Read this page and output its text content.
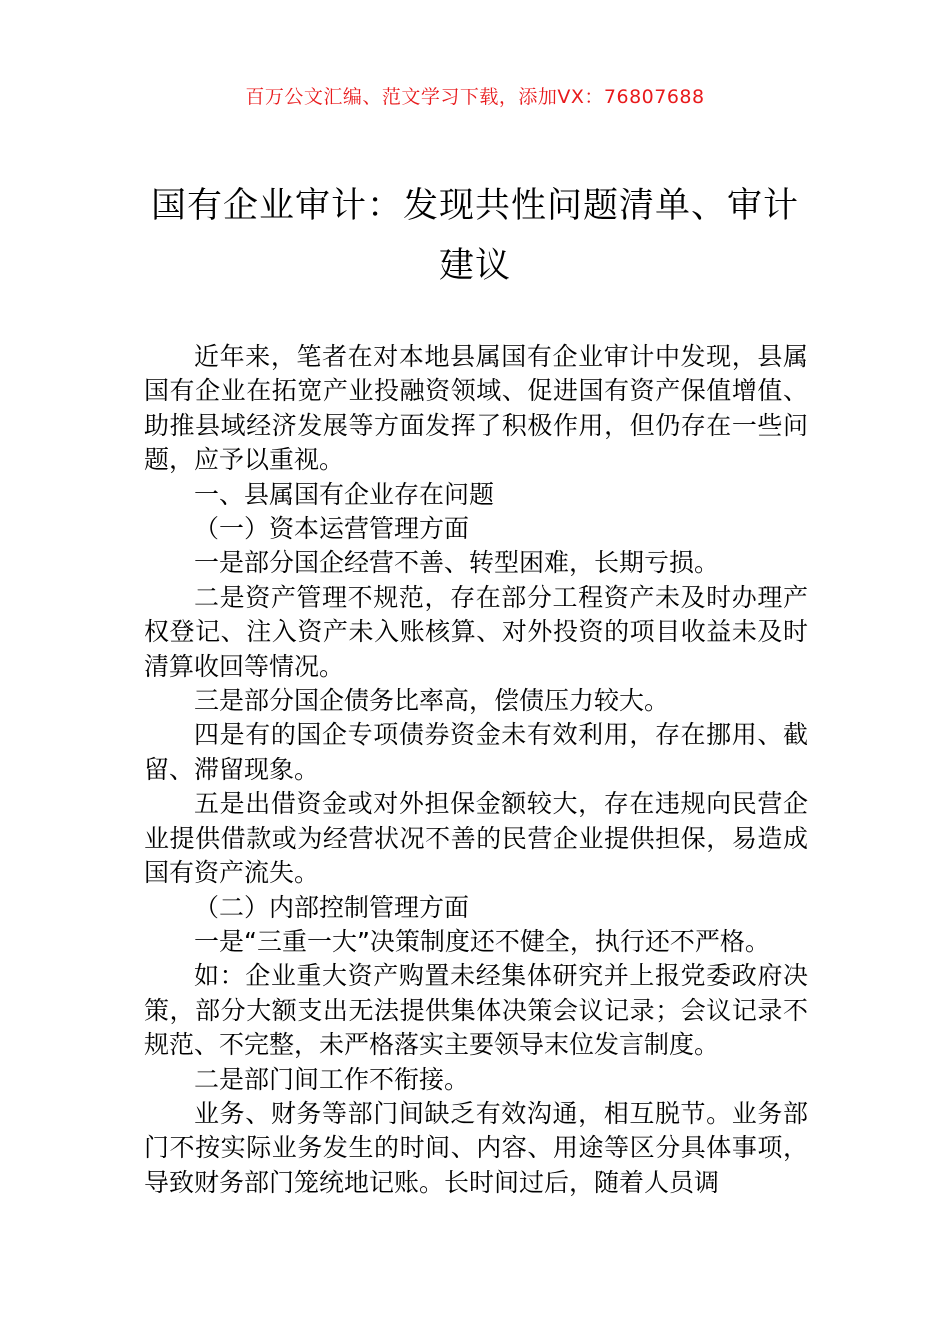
百万公文汇编、范文学习下载，添加VX：76807688
国有企业审计：发现共性问题清单、审计
建议

近年来，笔者在对本地县属国有企业审计中发现，县属国有企业在拓宽产业投融资领域、促进国有资产保值增值、助推县域经济发展等方面发挥了积极作用，但仍存在一些问题，应予以重视。

一、县属国有企业存在问题

（一）资本运营管理方面

一是部分国企经营不善、转型困难，长期亏损。

二是资产管理不规范，存在部分工程资产未及时办理产权登记、注入资产未入账核算、对外投资的项目收益未及时清算收回等情况。

三是部分国企债务比率高，偿债压力较大。

四是有的国企专项债券资金未有效利用，存在挪用、截留、滞留现象。

五是出借资金或对外担保金额较大，存在违规向民营企业提供借款或为经营状况不善的民营企业提供担保，易造成国有资产流失。

（二）内部控制管理方面

一是“三重一大”决策制度还不健全，执行还不严格。

如：企业重大资产购置未经集体研究并上报党委政府决策，部分大额支出无法提供集体决策会议记录；会议记录不规范、不完整，未严格落实主要领导末位发言制度。

二是部门间工作不衔接。

业务、财务等部门间缺乏有效沟通，相互脱节。业务部门不按实际业务发生的时间、内容、用途等区分具体事项，导致财务部门笼统地记账。长时间过后，随着人员调
